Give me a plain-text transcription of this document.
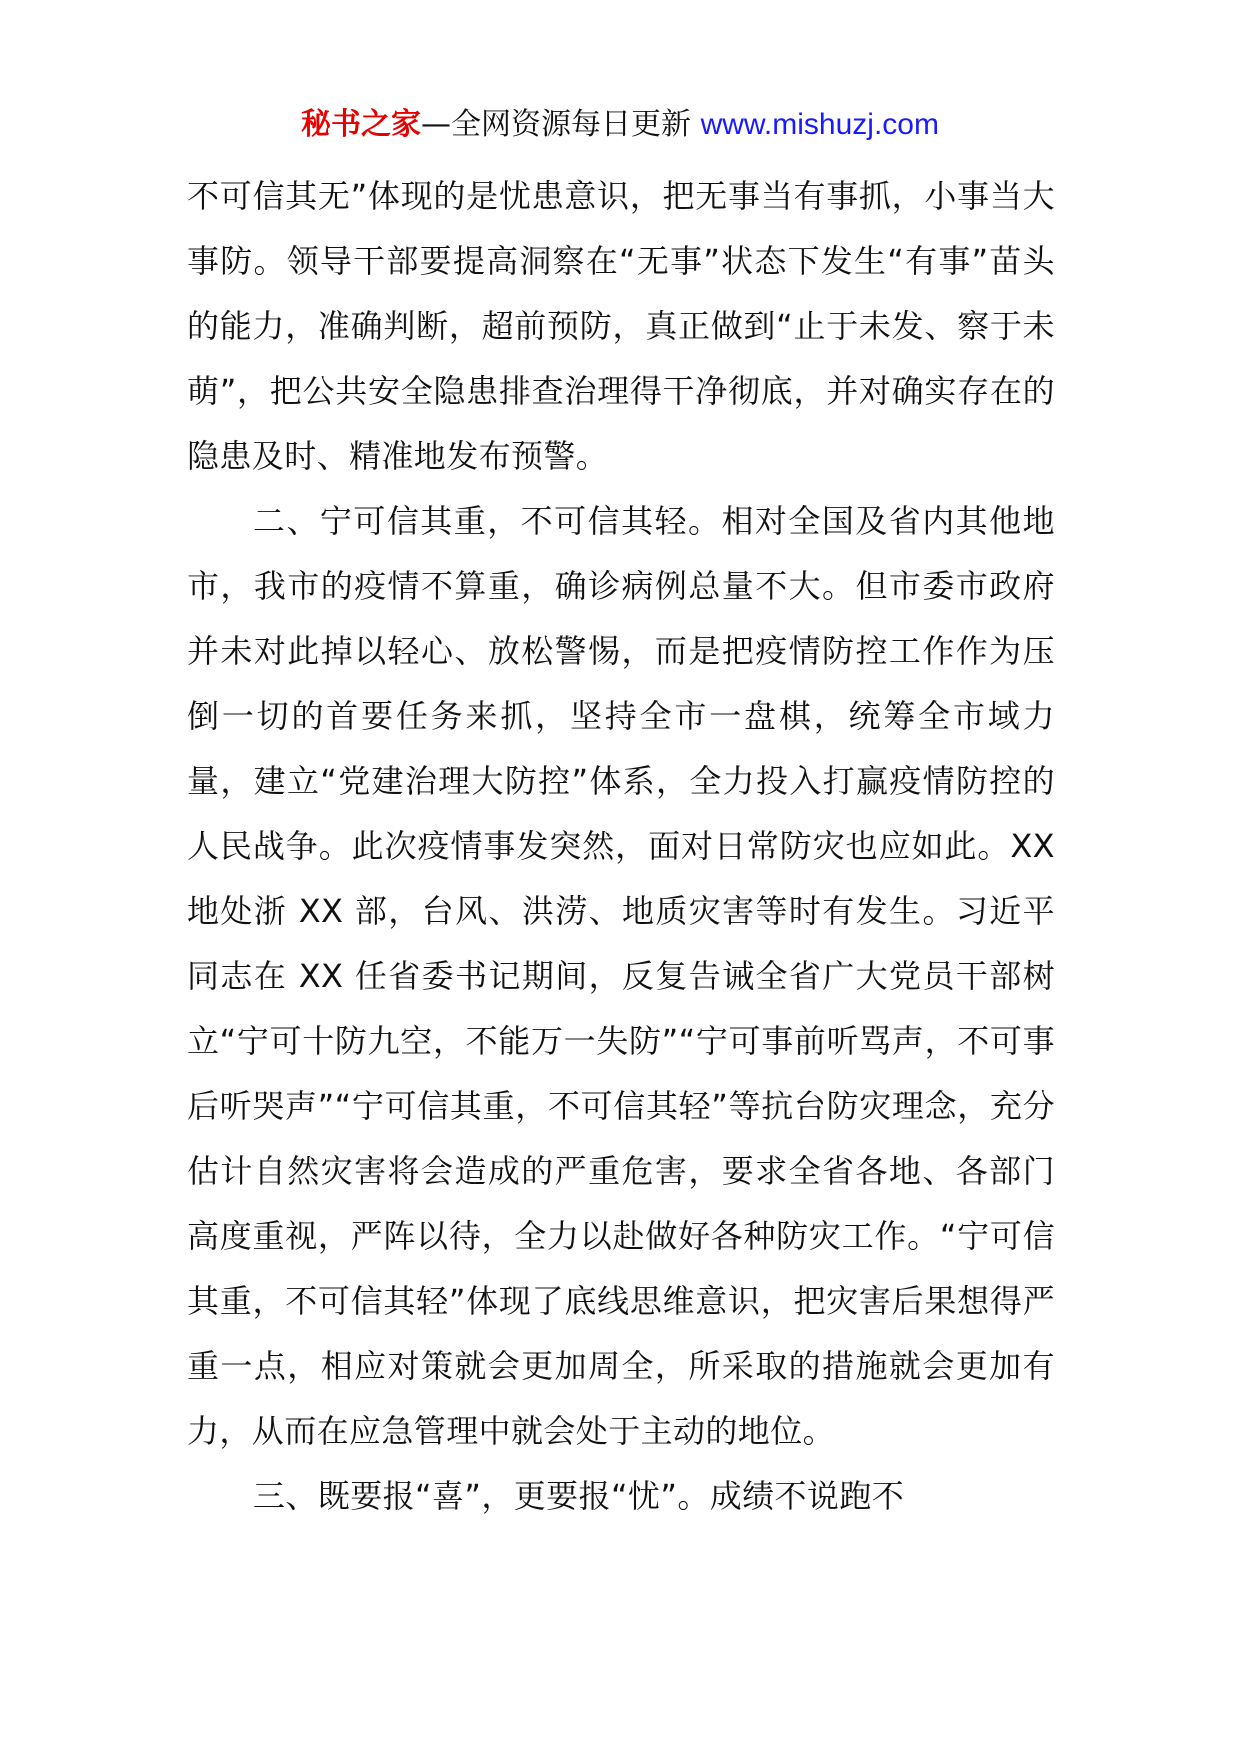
秘书之家—全网资源每日更新 www.mishuzj.com

不可信其无”体现的是忧患意识，把无事当有事抓，小事当大事防。领导干部要提高洞察在“无事”状态下发生“有事”苗头的能力，准确判断，超前预防，真正做到“止于未发、察于未萌”，把公共安全隐患排查治理得干净彻底，并对确实存在的隐患及时、精准地发布预警。

二、宁可信其重，不可信其轻。相对全国及省内其他地市，我市的疫情不算重，确诊病例总量不大。但市委市政府并未对此掉以轻心、放松警惕，而是把疫情防控工作作为压倒一切的首要任务来抓，坚持全市一盘棋，统筹全市域力量，建立“党建治理大防控”体系，全力投入打赢疫情防控的人民战争。此次疫情事发突然，面对日常防灾也应如此。XX 地处浙 XX 部，台风、洪涝、地质灾害等时有发生。习近平同志在 XX 任省委书记期间，反复告诫全省广大党员干部树立“宁可十防九空，不能万一失防”“宁可事前听骂声，不可事后听哭声”“宁可信其重，不可信其轻”等抗台防灾理念，充分估计自然灾害将会造成的严重危害，要求全省各地、各部门高度重视，严阵以待，全力以赴做好各种防灾工作。“宁可信其重，不可信其轻”体现了底线思维意识，把灾害后果想得严重一点，相应对策就会更加周全，所采取的措施就会更加有力，从而在应急管理中就会处于主动的地位。

三、既要报“喜”，更要报“忧”。成绩不说跑不
